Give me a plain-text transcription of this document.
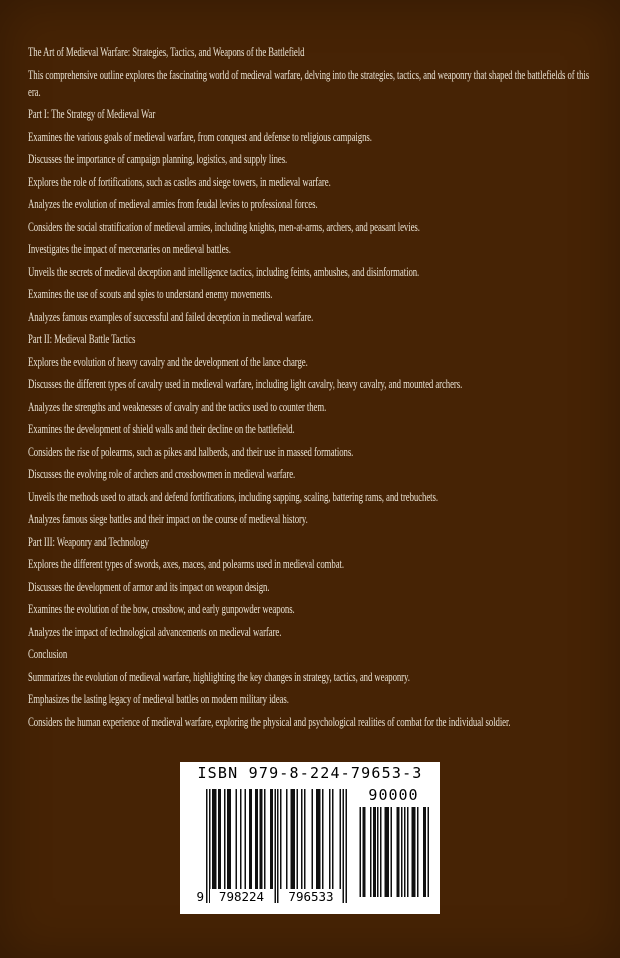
The Art of Medieval Warfare: Strategies, Tactics, and Weapons of the Battlefield

This comprehensive outline explores the fascinating world of medieval warfare, delving into the strategies, tactics, and weaponry that shaped the battlefields of this era.

Part I: The Strategy of Medieval War

Examines the various goals of medieval warfare, from conquest and defense to religious campaigns.

Discusses the importance of campaign planning, logistics, and supply lines.

Explores the role of fortifications, such as castles and siege towers, in medieval warfare.

Analyzes the evolution of medieval armies from feudal levies to professional forces.

Considers the social stratification of medieval armies, including knights, men-at-arms, archers, and peasant levies.

Investigates the impact of mercenaries on medieval battles.

Unveils the secrets of medieval deception and intelligence tactics, including feints, ambushes, and disinformation.

Examines the use of scouts and spies to understand enemy movements.

Analyzes famous examples of successful and failed deception in medieval warfare.

Part II: Medieval Battle Tactics

Explores the evolution of heavy cavalry and the development of the lance charge.

Discusses the different types of cavalry used in medieval warfare, including light cavalry, heavy cavalry, and mounted archers.

Analyzes the strengths and weaknesses of cavalry and the tactics used to counter them.

Examines the development of shield walls and their decline on the battlefield.

Considers the rise of polearms, such as pikes and halberds, and their use in massed formations.

Discusses the evolving role of archers and crossbowmen in medieval warfare.

Unveils the methods used to attack and defend fortifications, including sapping, scaling, battering rams, and trebuchets.

Analyzes famous siege battles and their impact on the course of medieval history.

Part III: Weaponry and Technology

Explores the different types of swords, axes, maces, and polearms used in medieval combat.

Discusses the development of armor and its impact on weapon design.

Examines the evolution of the bow, crossbow, and early gunpowder weapons.

Analyzes the impact of technological advancements on medieval warfare.

Conclusion

Summarizes the evolution of medieval warfare, highlighting the key changes in strategy, tactics, and weaponry.

Emphasizes the lasting legacy of medieval battles on modern military ideas.

Considers the human experience of medieval warfare, exploring the physical and psychological realities of combat for the individual soldier.

ISBN 979-8-224-79653-3
9	798224	796533
90000
